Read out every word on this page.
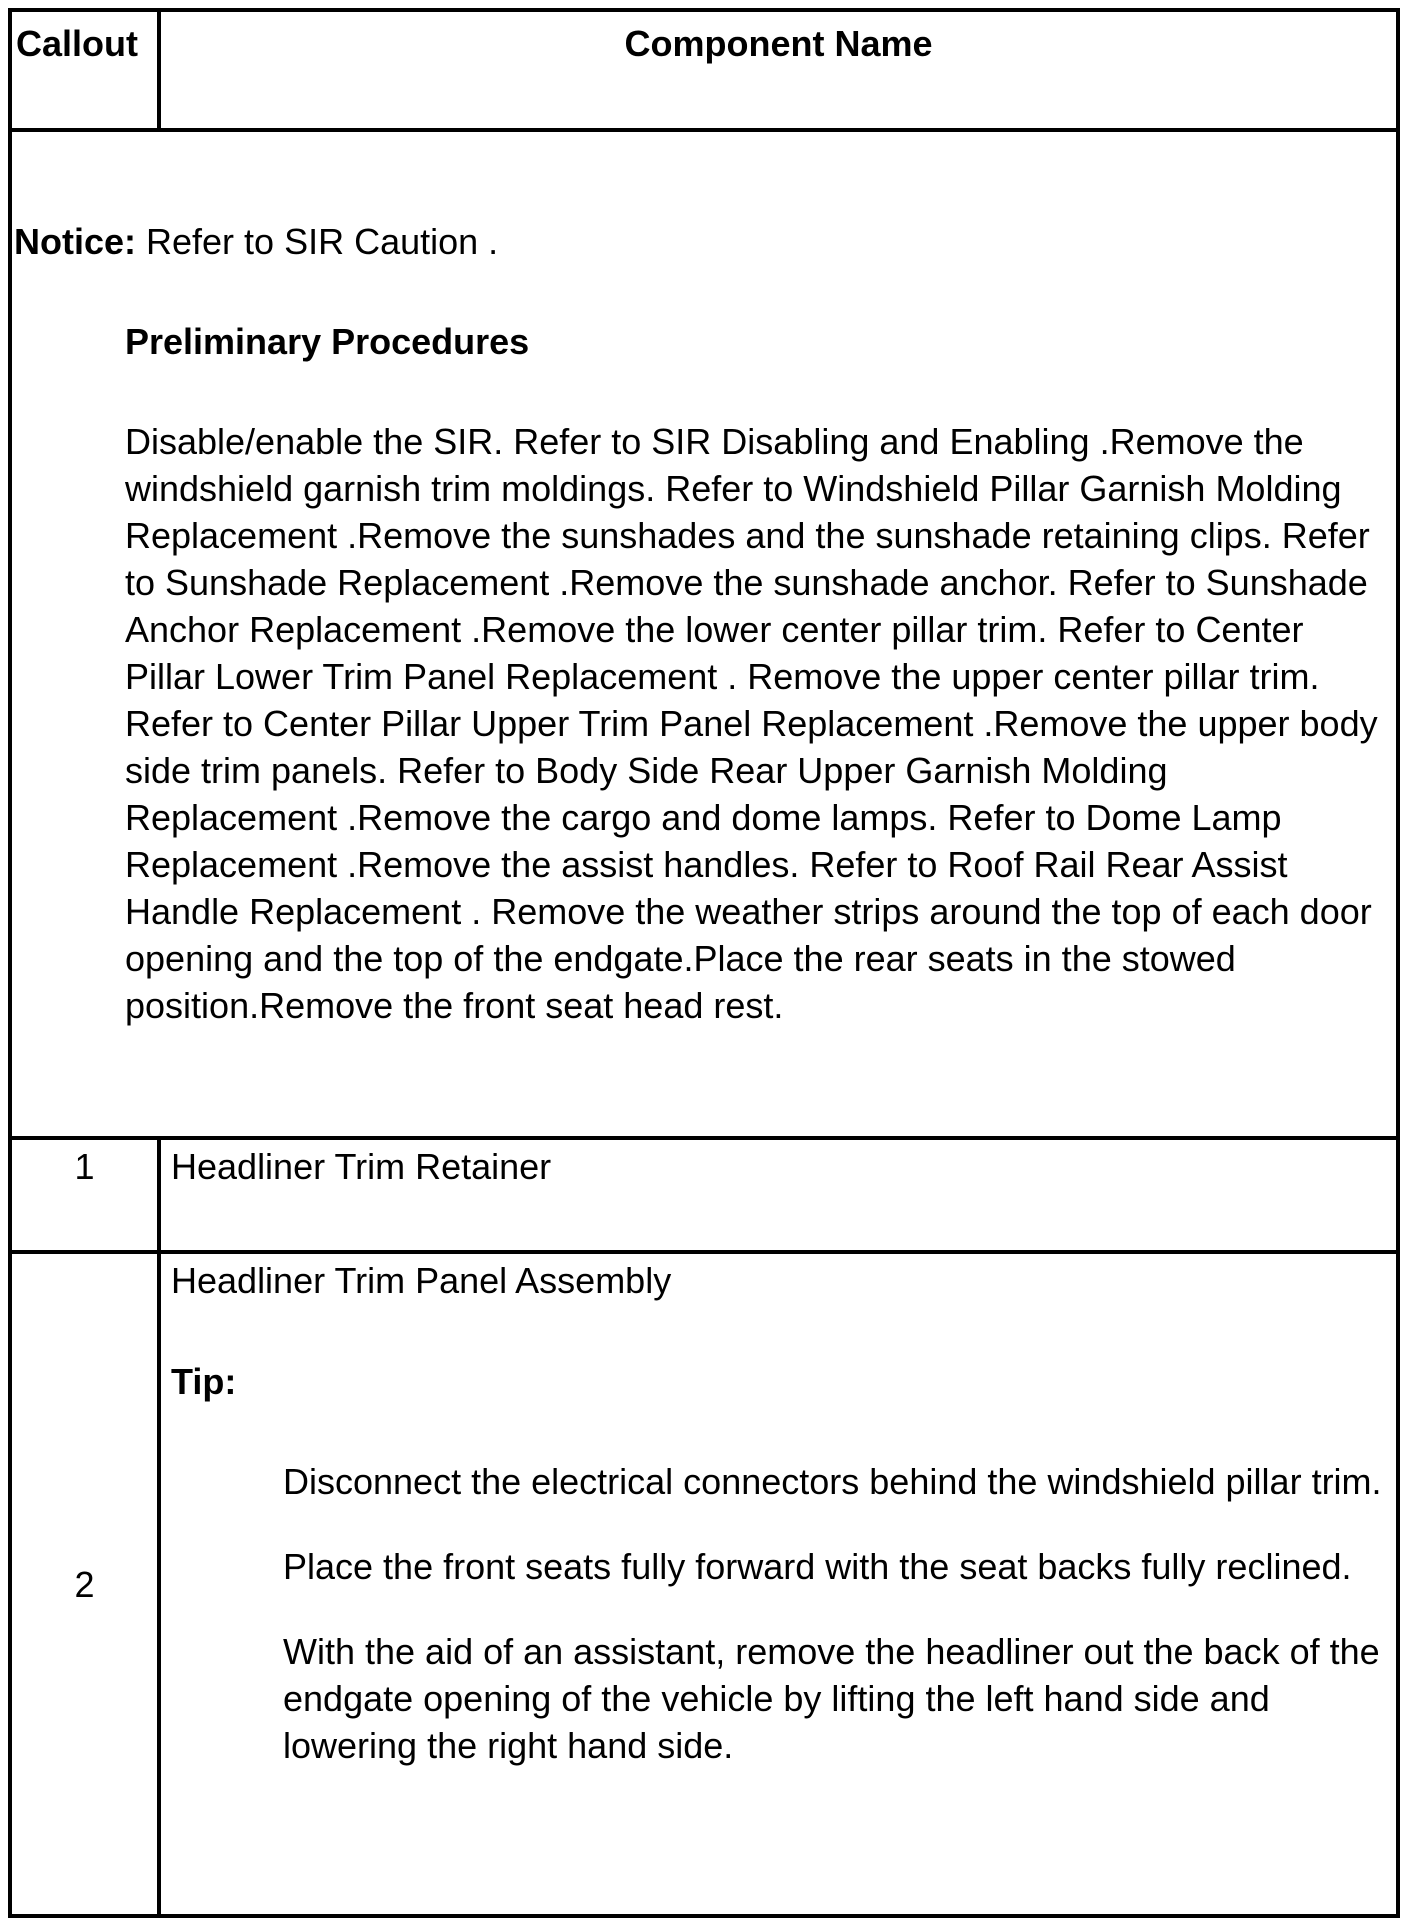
Callout	Component Name
Notice: Refer to SIR Caution .
Preliminary Procedures

Disable/enable the SIR. Refer to SIR Disabling and Enabling .Remove the windshield garnish trim moldings. Refer to Windshield Pillar Garnish Molding Replacement .Remove the sunshades and the sunshade retaining clips. Refer to Sunshade Replacement .Remove the sunshade anchor. Refer to Sunshade Anchor Replacement .Remove the lower center pillar trim. Refer to Center Pillar Lower Trim Panel Replacement . Remove the upper center pillar trim. Refer to Center Pillar Upper Trim Panel Replacement .Remove the upper body side trim panels. Refer to Body Side Rear Upper Garnish Molding Replacement .Remove the cargo and dome lamps. Refer to Dome Lamp Replacement .Remove the assist handles. Refer to Roof Rail Rear Assist Handle Replacement . Remove the weather strips around the top of each door opening and the top of the endgate.Place the rear seats in the stowed position.Remove the front seat head rest.

1	Headliner Trim Retainer
2
Headliner Trim Panel Assembly
Tip:
Disconnect the electrical connectors behind the windshield pillar trim.
Place the front seats fully forward with the seat backs fully reclined.
With the aid of an assistant, remove the headliner out the back of the endgate opening of the vehicle by lifting the left hand side and lowering the right hand side.
